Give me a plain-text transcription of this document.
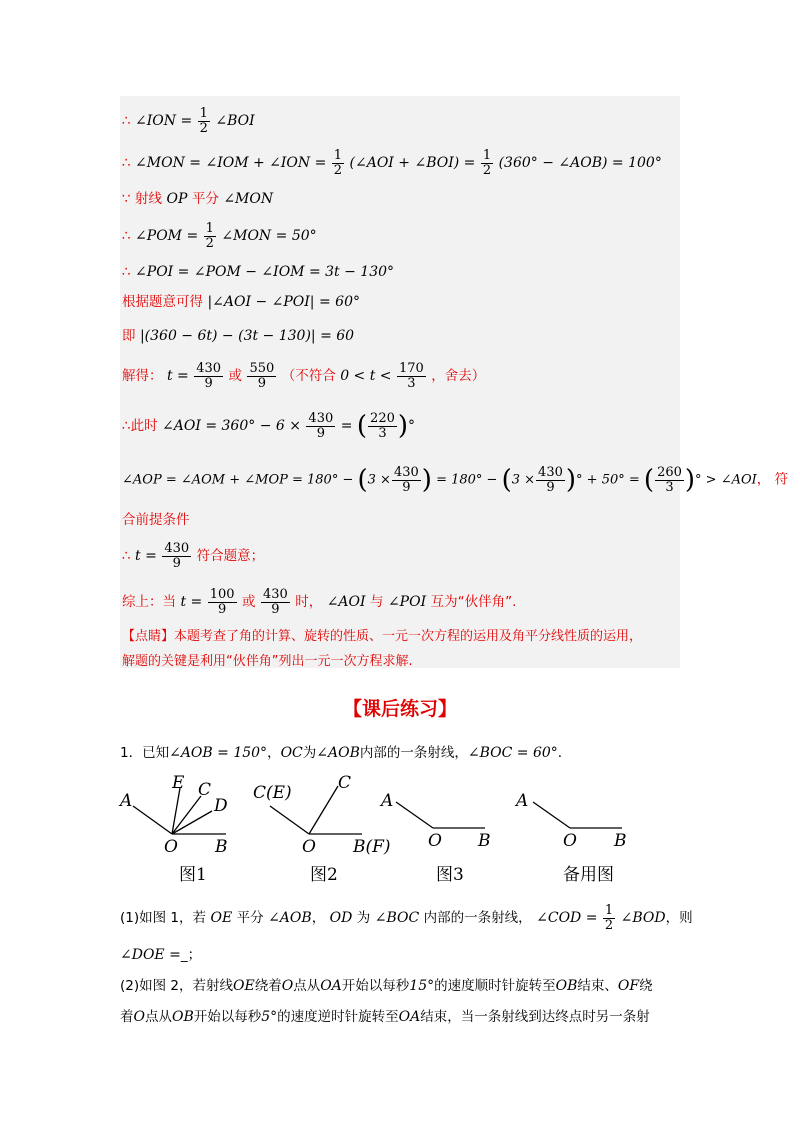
∴ ∠ION = $\frac{1}{2}$ ∠BOI
∴ ∠MON = ∠IOM + ∠ION = $\frac{1}{2}$ (∠AOI + ∠BOI) = $\frac{1}{2} (360^\circ$ − ∠AOB) = 100°
∵ 射线 OP 平分 ∠MON
∴ ∠POM = $\frac{1}{2}$ ∠MON = 50°
∴ ∠POI = ∠POM − ∠IOM = 3t − 130°
根据题意可得 |∠AOI − ∠POI| = 60°
即 |(360 − 6t) − (3t − 130)| = 60
解得： $t = \frac{430}{9}$ 或 $\frac{550}{9}$ （不符合 $0 < t < \frac{170}{3}$ ，舍去）
∴此时 ∠AOI = $360^\circ - 6 \times \frac{430}{9}$ = ( $\frac{220}{3}$ )°
∠AOP = ∠AOM + ∠MOP = $180^\circ - (3 \times \frac{430}{9}$ ) = $180^\circ - (3 \times \frac{430}{9}$ )° + 50° = ( $\frac{260}{3}$ )° > ∠AOI， 符
合前提条件
∴ $t = \frac{430}{9}$ 符合题意；
综上：当 $t = \frac{100}{9}$ 或 $\frac{430}{9}$ 时， ∠AOI 与 ∠POI 互为“伙伴角”.
【点睛】本题考查了角的计算、旋转的性质、一元一次方程的运用及角平分线性质的运用，
解题的关键是利用“伙伴角”列出一元一次方程求解.
【课后练习】
1．已知∠AOB = 150°，OC为∠AOB内部的一条射线，∠BOC = 60°.
A
E C
D
O B
C(E)	C
O B(F)
A
O B
A
O B
图1	图2	图3	备用图
(1)如图 1，若 OE 平分 ∠AOB， OD 为 ∠BOC 内部的一条射线， ∠COD = $\frac{1}{2}$ ∠BOD，则
∠DOE =_；
(2)如图 2，若射线OE绕着O点从OA开始以每秒15°的速度顺时针旋转至OB结束、OF绕
着O点从OB开始以每秒5°的速度逆时针旋转至OA结束，当一条射线到达终点时另一条射
